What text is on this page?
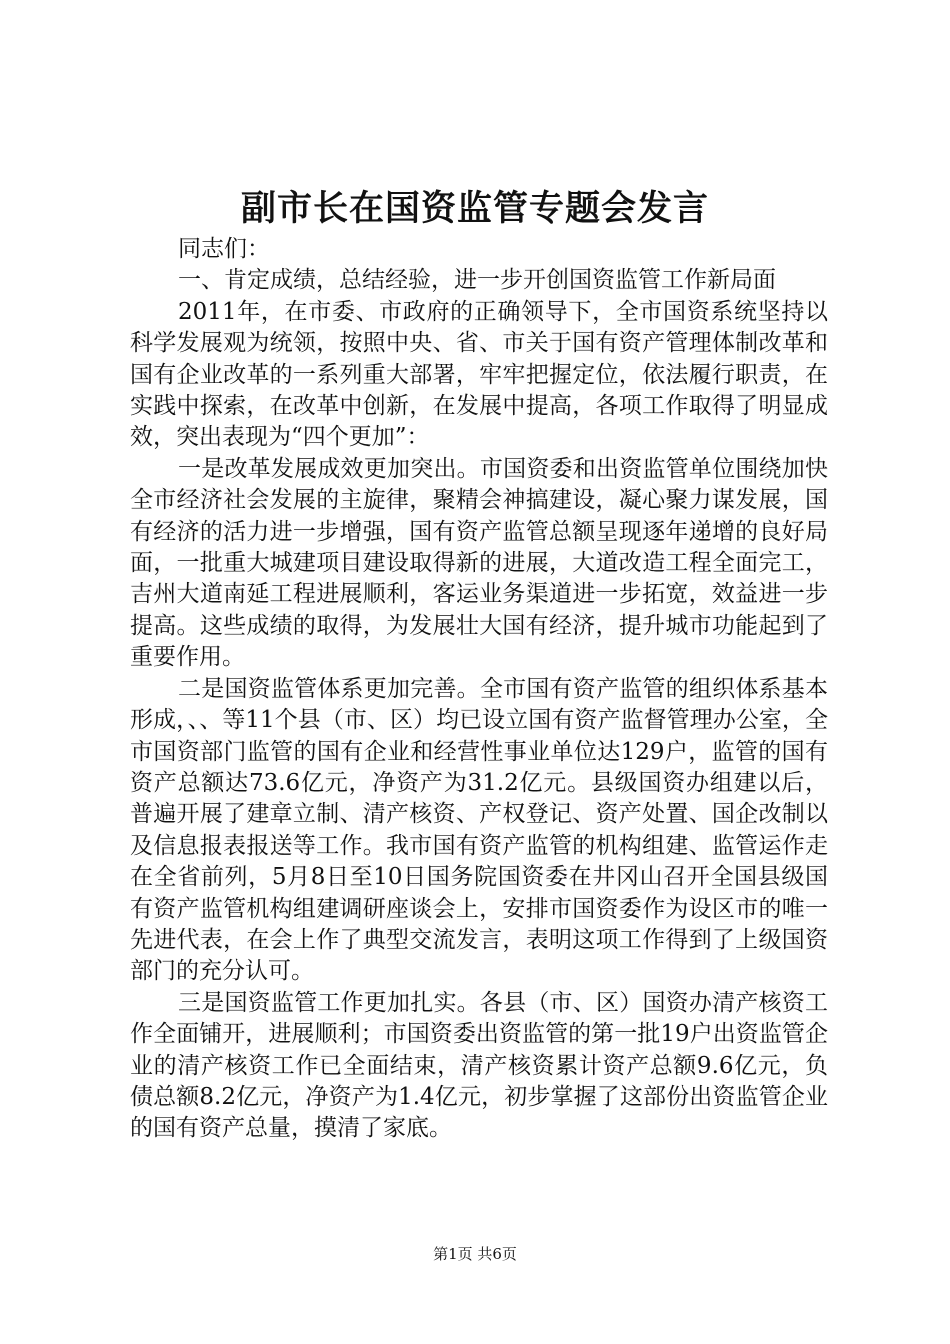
副市长在国资监管专题会发言

同志们：

一、肯定成绩，总结经验，进一步开创国资监管工作新局面

2011年，在市委、市政府的正确领导下，全市国资系统坚持以科学发展观为统领，按照中央、省、市关于国有资产管理体制改革和国有企业改革的一系列重大部署，牢牢把握定位，依法履行职责，在实践中探索，在改革中创新，在发展中提高，各项工作取得了明显成效，突出表现为“四个更加”：

一是改革发展成效更加突出。市国资委和出资监管单位围绕加快全市经济社会发展的主旋律，聚精会神搞建设，凝心聚力谋发展，国有经济的活力进一步增强，国有资产监管总额呈现逐年递增的良好局面，一批重大城建项目建设取得新的进展，大道改造工程全面完工，吉州大道南延工程进展顺利，客运业务渠道进一步拓宽，效益进一步提高。这些成绩的取得，为发展壮大国有经济，提升城市功能起到了重要作用。

二是国资监管体系更加完善。全市国有资产监管的组织体系基本形成，、、等11个县（市、区）均已设立国有资产监督管理办公室，全市国资部门监管的国有企业和经营性事业单位达129户，监管的国有资产总额达73.6亿元，净资产为31.2亿元。县级国资办组建以后，普遍开展了建章立制、清产核资、产权登记、资产处置、国企改制以及信息报表报送等工作。我市国有资产监管的机构组建、监管运作走在全省前列，5月8日至10日国务院国资委在井冈山召开全国县级国有资产监管机构组建调研座谈会上，安排市国资委作为设区市的唯一先进代表，在会上作了典型交流发言，表明这项工作得到了上级国资部门的充分认可。

三是国资监管工作更加扎实。各县（市、区）国资办清产核资工作全面铺开，进展顺利；市国资委出资监管的第一批19户出资监管企业的清产核资工作已全面结束，清产核资累计资产总额9.6亿元，负债总额8.2亿元，净资产为1.4亿元，初步掌握了这部份出资监管企业的国有资产总量，摸清了家底。

第1页 共6页
